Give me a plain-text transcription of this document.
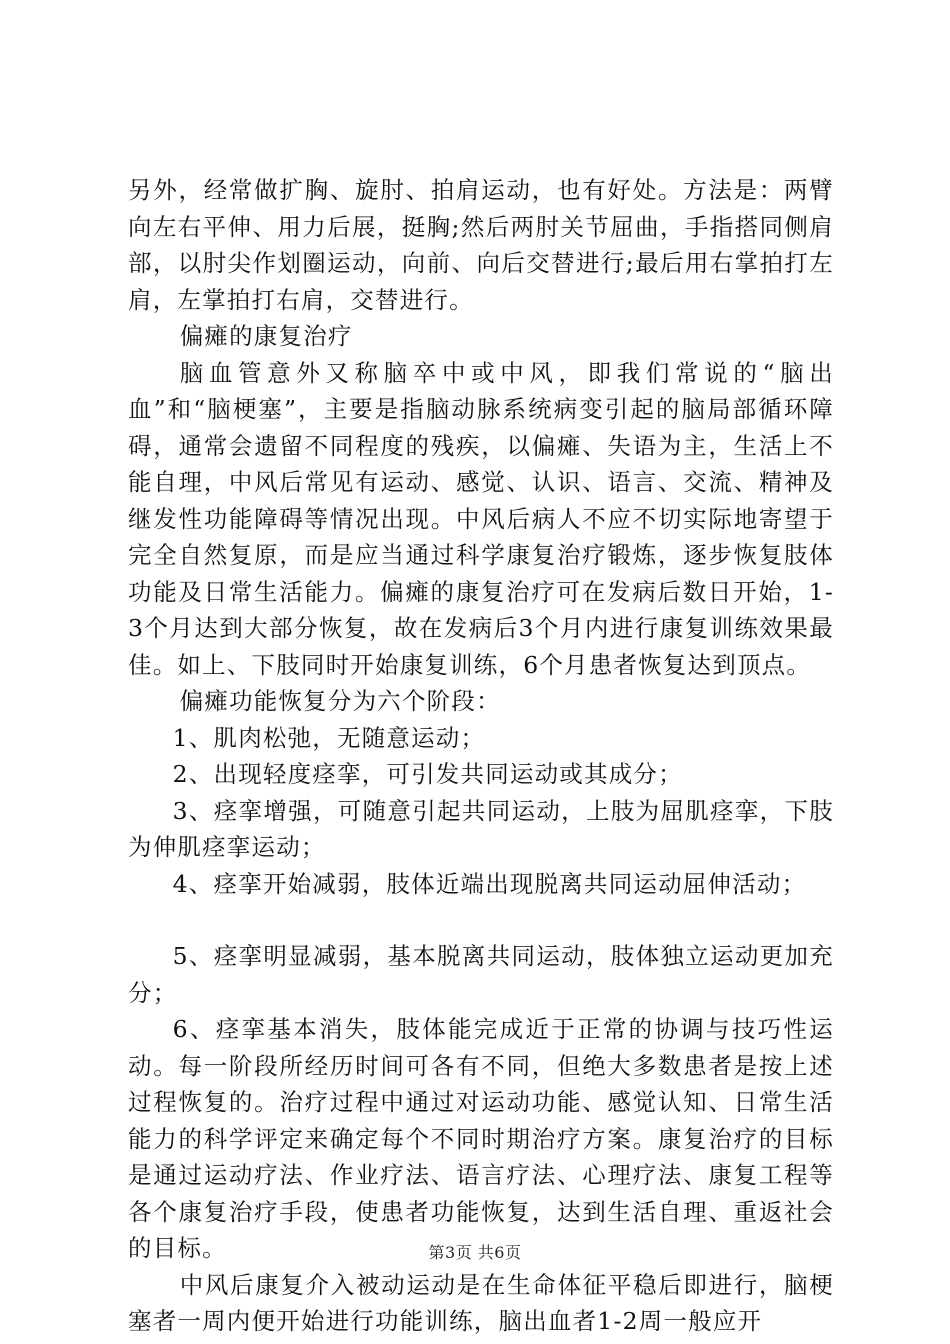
另外，经常做扩胸、旋肘、拍肩运动，也有好处。方法是：两臂向左右平伸、用力后展，挺胸;然后两肘关节屈曲，手指搭同侧肩部，以肘尖作划圈运动，向前、向后交替进行;最后用右掌拍打左肩，左掌拍打右肩，交替进行。

偏瘫的康复治疗

脑血管意外又称脑卒中或中风，即我们常说的“脑出血”和“脑梗塞”，主要是指脑动脉系统病变引起的脑局部循环障碍，通常会遗留不同程度的残疾，以偏瘫、失语为主，生活上不能自理，中风后常见有运动、感觉、认识、语言、交流、精神及继发性功能障碍等情况出现。中风后病人不应不切实际地寄望于完全自然复原，而是应当通过科学康复治疗锻炼，逐步恢复肢体功能及日常生活能力。偏瘫的康复治疗可在发病后数日开始，1-3个月达到大部分恢复，故在发病后3个月内进行康复训练效果最佳。如上、下肢同时开始康复训练，6个月患者恢复达到顶点。

偏瘫功能恢复分为六个阶段：

1、肌肉松弛，无随意运动；

2、出现轻度痉挛，可引发共同运动或其成分；

3、痉挛增强，可随意引起共同运动，上肢为屈肌痉挛，下肢为伸肌痉挛运动；

4、痉挛开始减弱，肢体近端出现脱离共同运动屈伸活动；

5、痉挛明显减弱，基本脱离共同运动，肢体独立运动更加充分；

6、痉挛基本消失，肢体能完成近于正常的协调与技巧性运动。每一阶段所经历时间可各有不同，但绝大多数患者是按上述过程恢复的。治疗过程中通过对运动功能、感觉认知、日常生活能力的科学评定来确定每个不同时期治疗方案。康复治疗的目标是通过运动疗法、作业疗法、语言疗法、心理疗法、康复工程等各个康复治疗手段，使患者功能恢复，达到生活自理、重返社会的目标。

中风后康复介入被动运动是在生命体征平稳后即进行，脑梗塞者一周内便开始进行功能训练，脑出血者1-2周一般应开

第3页 共6页
